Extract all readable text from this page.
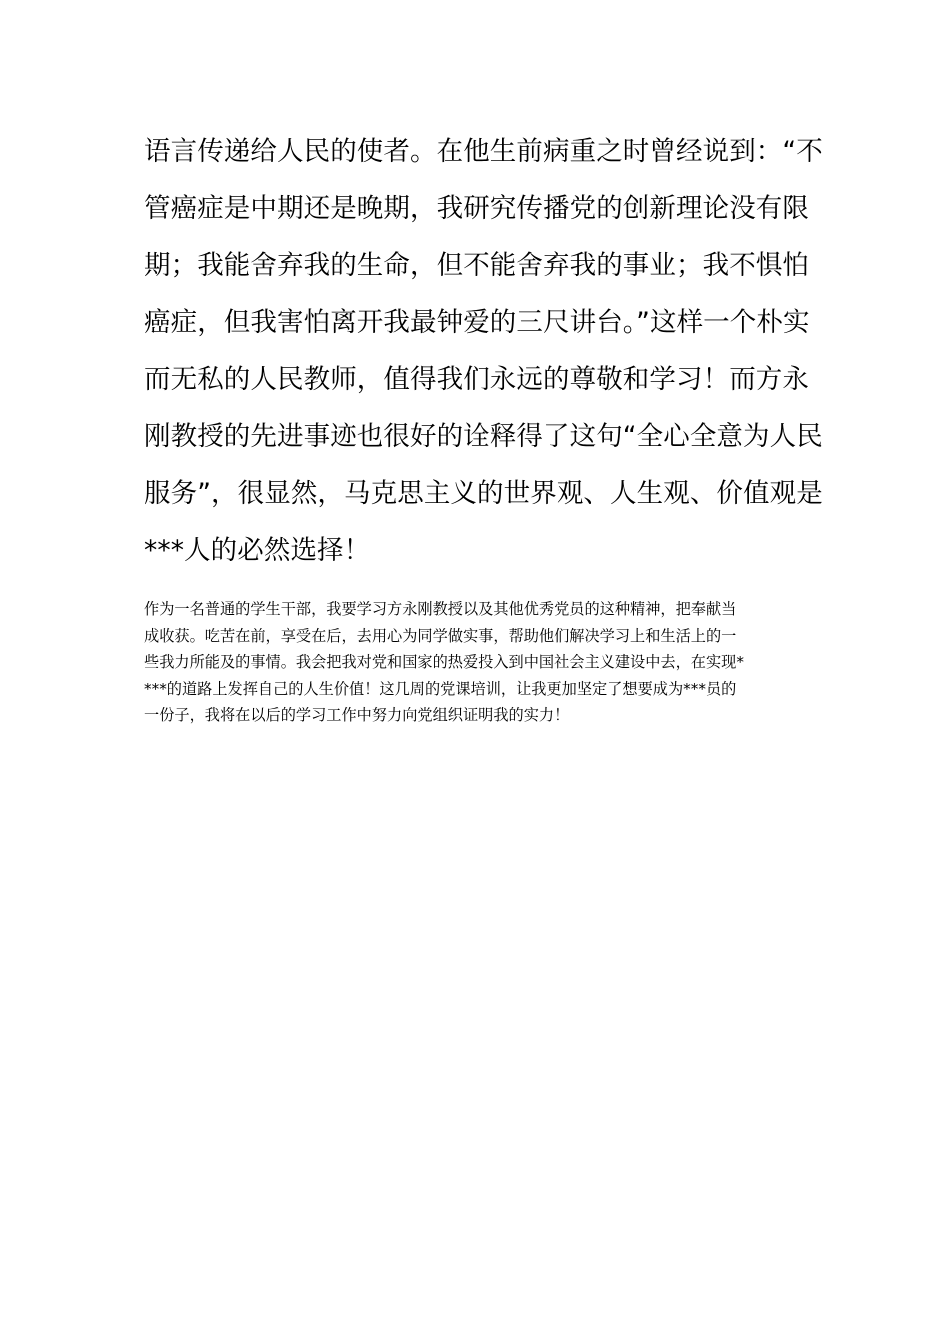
语言传递给人民的使者。在他生前病重之时曾经说到：“不
管癌症是中期还是晚期，我研究传播党的创新理论没有限
期；我能舍弃我的生命，但不能舍弃我的事业；我不惧怕
癌症，但我害怕离开我最钟爱的三尺讲台。”这样一个朴实
而无私的人民教师，值得我们永远的尊敬和学习！而方永
刚教授的先进事迹也很好的诠释得了这句“全心全意为人民
服务”，很显然，马克思主义的世界观、人生观、价值观是
***人的必然选择！
作为一名普通的学生干部，我要学习方永刚教授以及其他优秀党员的这种精神，把奉献当
成收获。吃苦在前，享受在后，去用心为同学做实事，帮助他们解决学习上和生活上的一
些我力所能及的事情。我会把我对党和国家的热爱投入到中国社会主义建设中去，在实现*
***的道路上发挥自己的人生价值！这几周的党课培训，让我更加坚定了想要成为***员的
一份子，我将在以后的学习工作中努力向党组织证明我的实力！
